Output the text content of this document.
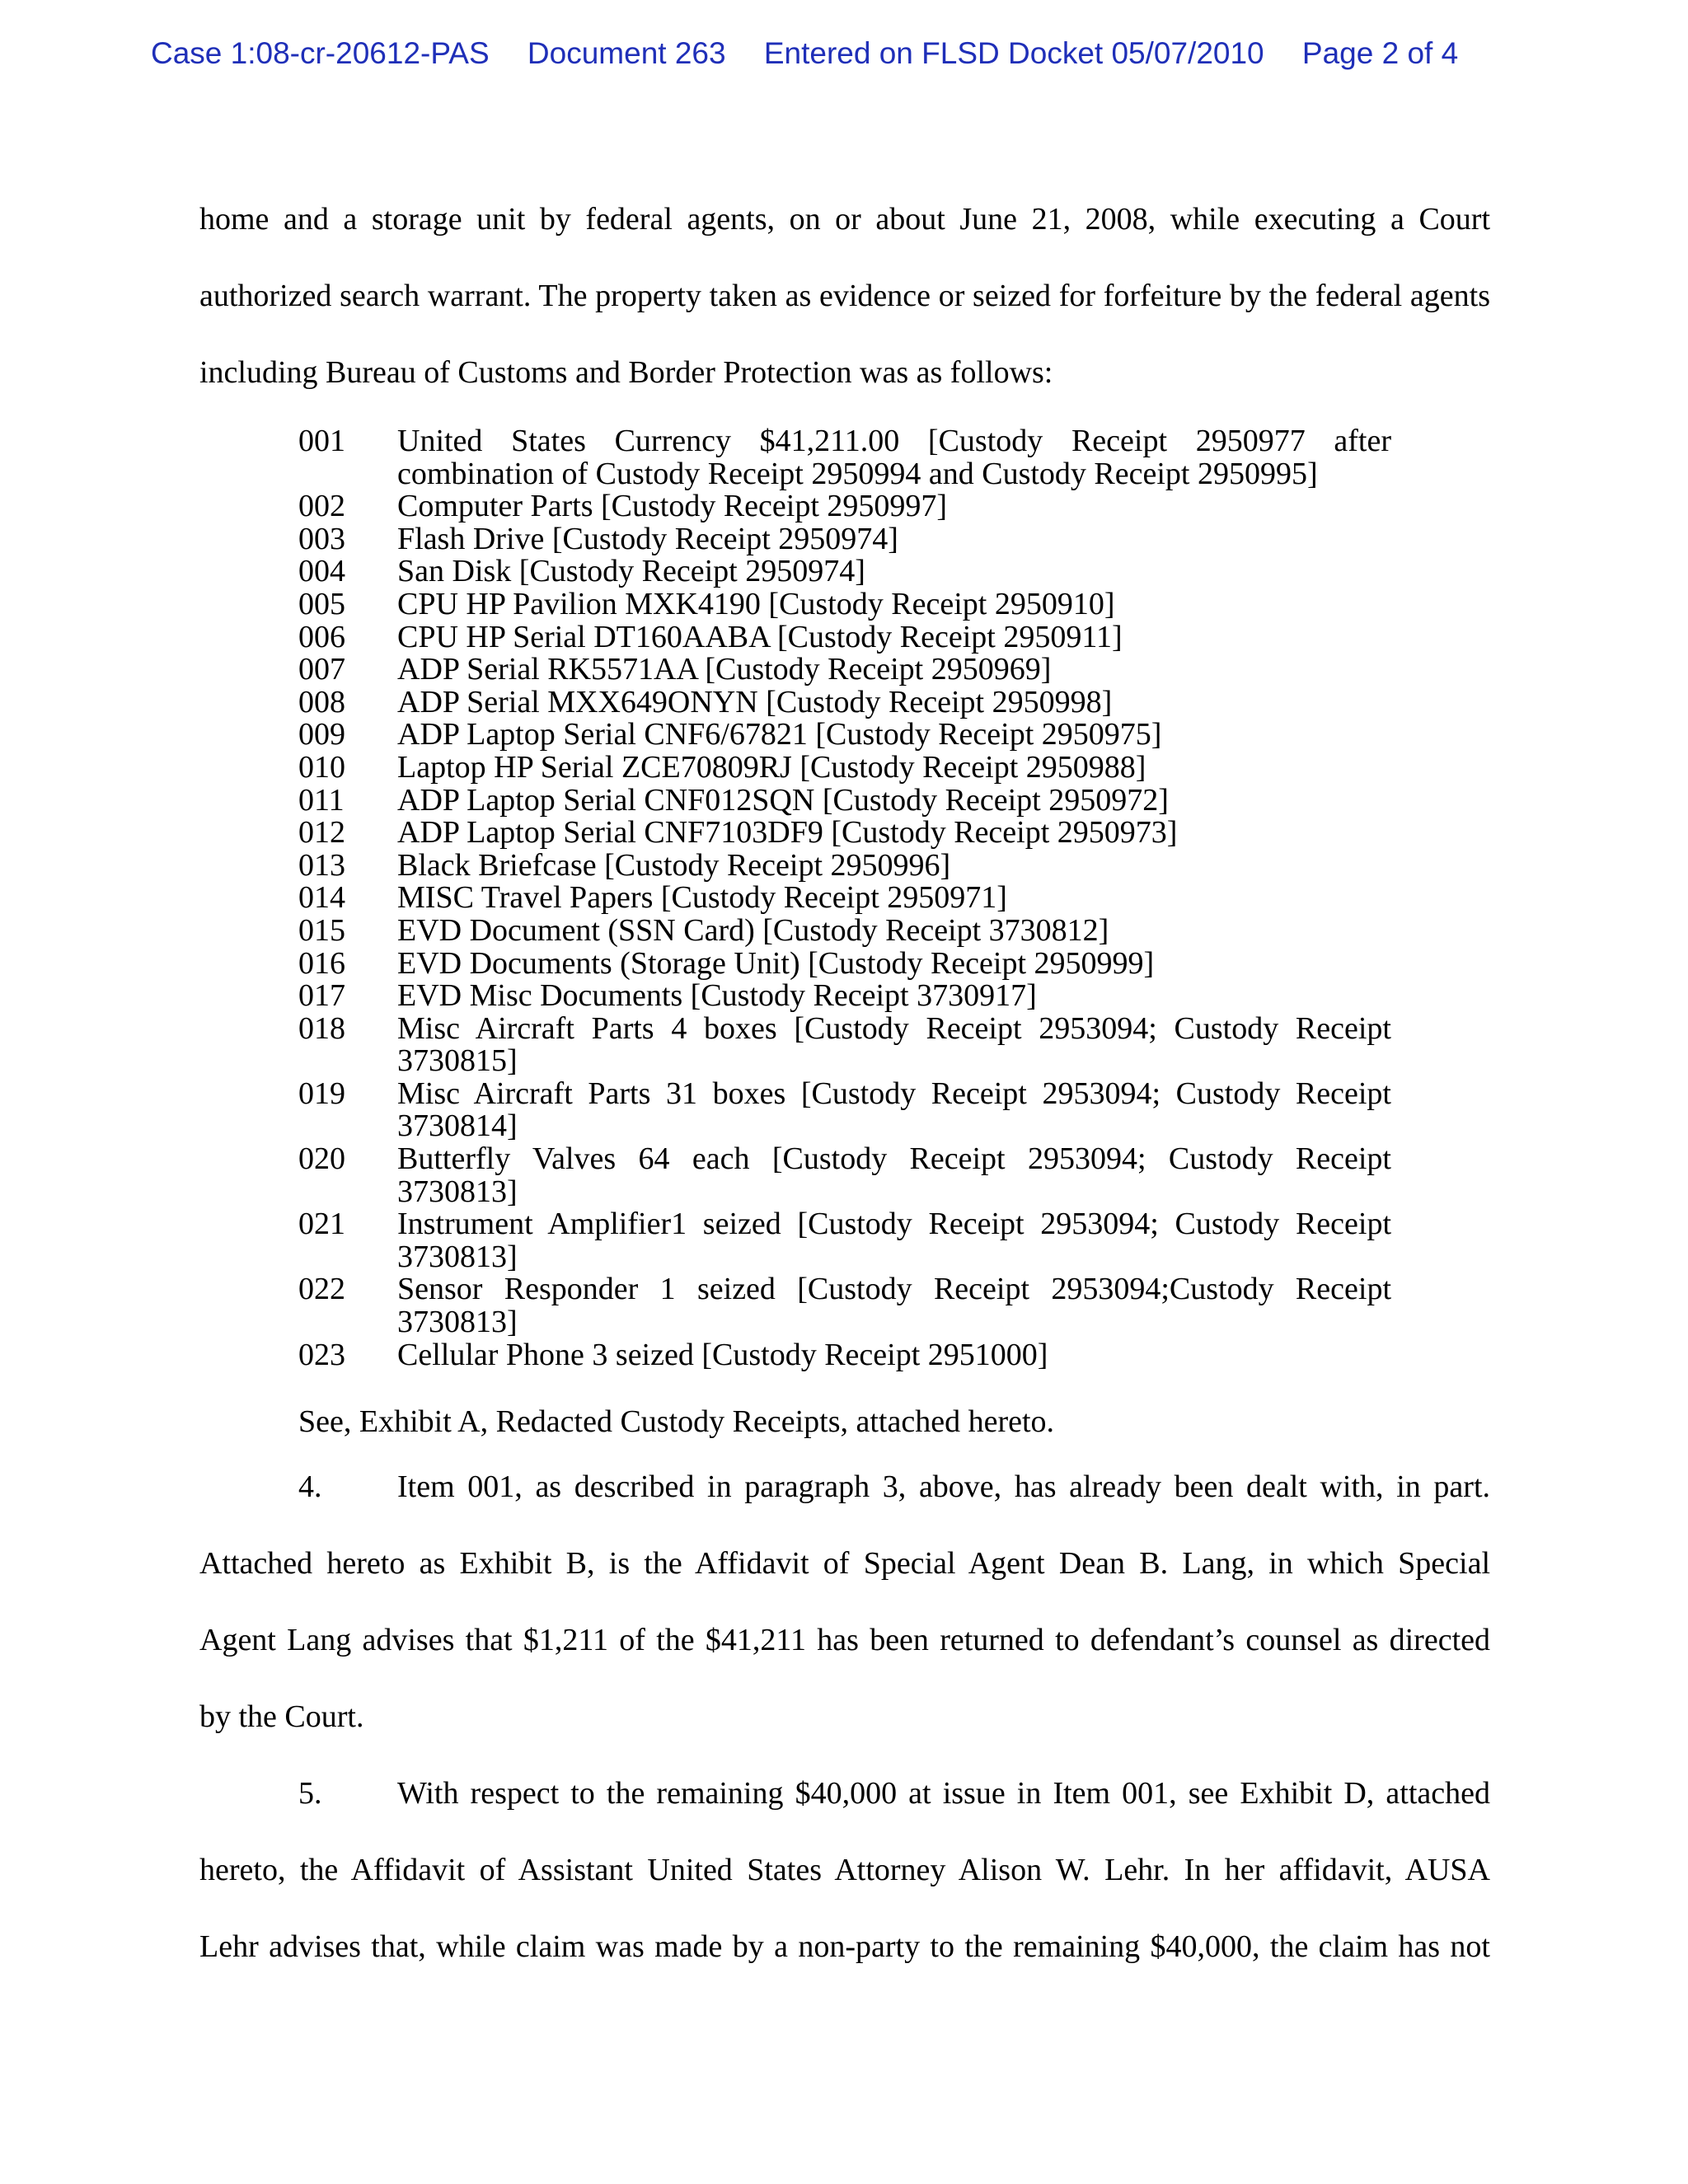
Case 1:08-cr-20612-PAS Document 263 Entered on FLSD Docket 05/07/2010 Page 2 of 4
home and a storage unit by federal agents, on or about June 21, 2008, while executing a Court
authorized search warrant. The property taken as evidence or seized for forfeiture by the federal agents
including Bureau of Customs and Border Protection was as follows:
001	United States Currency $41,211.00 [Custody Receipt 2950977 after
combination of Custody Receipt 2950994 and Custody Receipt 2950995]
002	Computer Parts [Custody Receipt 2950997]
003	Flash Drive [Custody Receipt 2950974]
004	San Disk [Custody Receipt 2950974]
005	CPU HP Pavilion MXK4190 [Custody Receipt 2950910]
006	CPU HP Serial DT160AABA [Custody Receipt 2950911]
007	ADP Serial RK5571AA [Custody Receipt 2950969]
008	ADP Serial MXX649ONYN [Custody Receipt 2950998]
009	ADP Laptop Serial CNF6/67821 [Custody Receipt 2950975]
010	Laptop HP Serial ZCE70809RJ [Custody Receipt 2950988]
011	ADP Laptop Serial CNF012SQN [Custody Receipt 2950972]
012	ADP Laptop Serial CNF7103DF9 [Custody Receipt 2950973]
013	Black Briefcase [Custody Receipt 2950996]
014	MISC Travel Papers [Custody Receipt 2950971]
015	EVD Document (SSN Card) [Custody Receipt 3730812]
016	EVD Documents (Storage Unit) [Custody Receipt 2950999]
017	EVD Misc Documents [Custody Receipt 3730917]
018	Misc Aircraft Parts 4 boxes [Custody Receipt 2953094; Custody Receipt
3730815]
019	Misc Aircraft Parts 31 boxes [Custody Receipt 2953094; Custody Receipt
3730814]
020	Butterfly Valves 64 each [Custody Receipt 2953094; Custody Receipt
3730813]
021	Instrument Amplifier1 seized [Custody Receipt 2953094; Custody Receipt
3730813]
022	Sensor Responder 1 seized [Custody Receipt 2953094;Custody Receipt
3730813]
023	Cellular Phone 3 seized [Custody Receipt 2951000]
See, Exhibit A, Redacted Custody Receipts, attached hereto.
4. Item 001, as described in paragraph 3, above, has already been dealt with, in part.
Attached hereto as Exhibit B, is the Affidavit of Special Agent Dean B. Lang, in which Special
Agent Lang advises that $1,211 of the $41,211 has been returned to defendant’s counsel as directed
by the Court.
5. With respect to the remaining $40,000 at issue in Item 001, see Exhibit D, attached
hereto, the Affidavit of Assistant United States Attorney Alison W. Lehr. In her affidavit, AUSA
Lehr advises that, while claim was made by a non-party to the remaining $40,000, the claim has not
